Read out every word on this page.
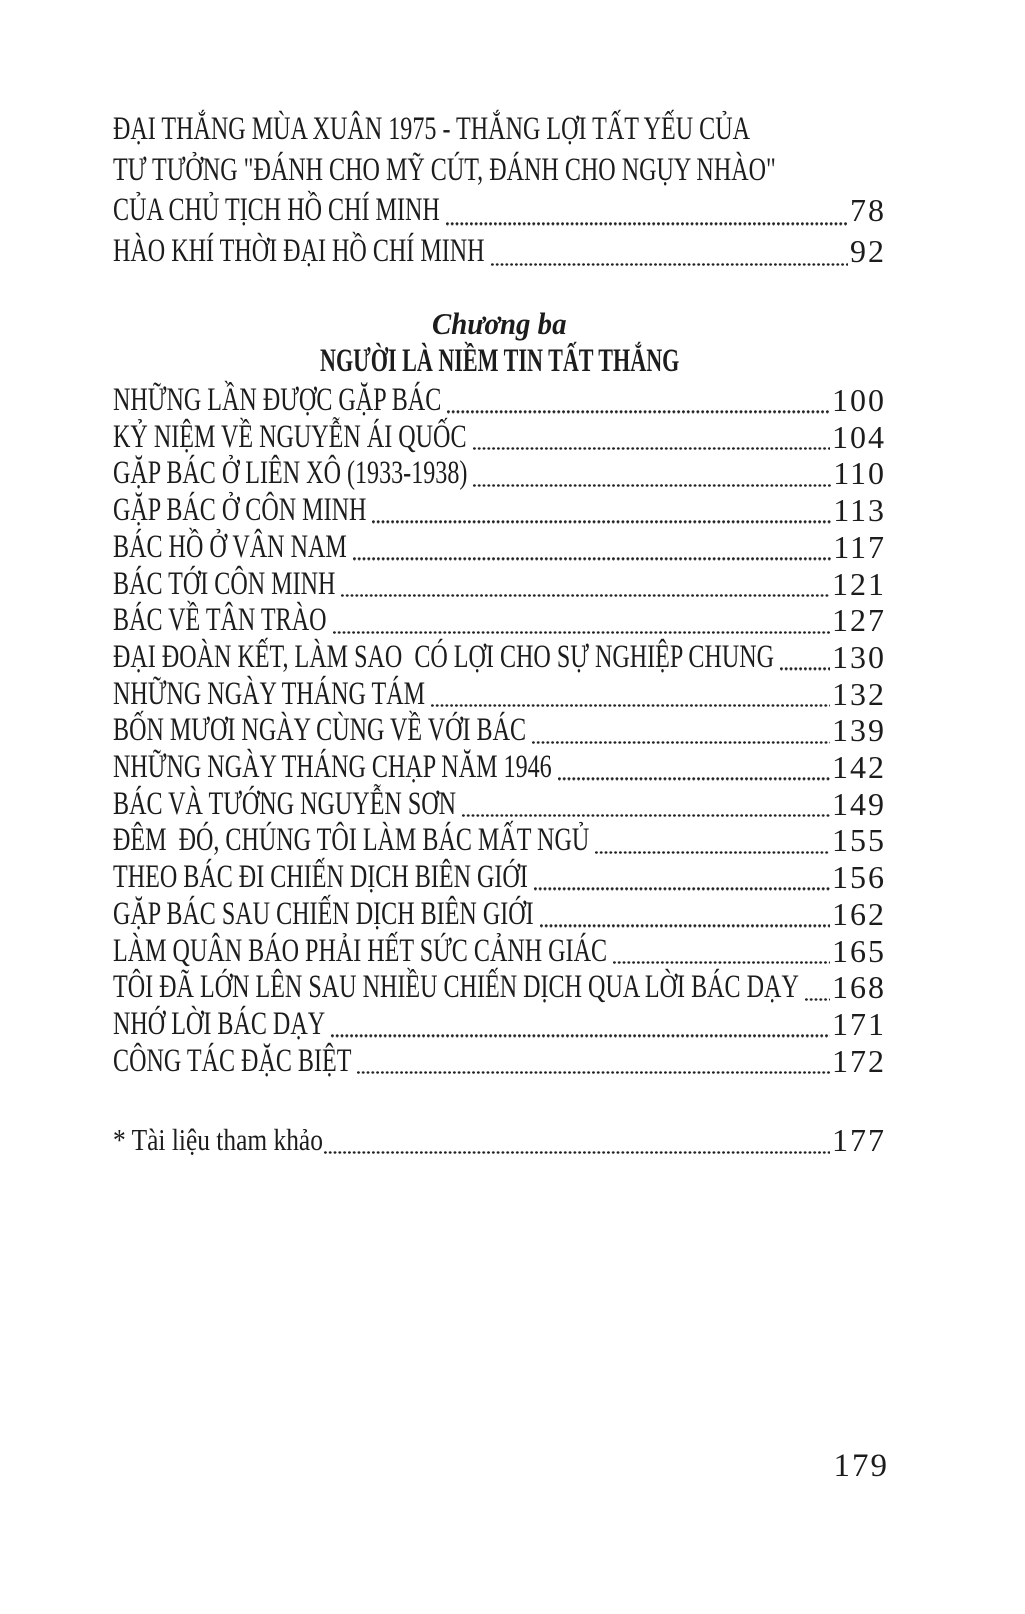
ĐẠI THẮNG MÙA XUÂN 1975 - THẮNG LỢI TẤT YẾU CỦA
TƯ TƯỞNG "ĐÁNH CHO MỸ CÚT, ĐÁNH CHO NGỤY NHÀO"
CỦA CHỦ TỊCH HỒ CHÍ MINH	78
HÀO KHÍ THỜI ĐẠI HỒ CHÍ MINH	92
Chương ba
NGƯỜI LÀ NIỀM TIN TẤT THẮNG
NHỮNG LẦN ĐƯỢC GẶP BÁC	100
KỶ NIỆM VỀ NGUYỄN ÁI QUỐC	104
GẶP BÁC Ở LIÊN XÔ (1933-1938)	110
GẶP BÁC Ở CÔN MINH	113
BÁC HỒ Ở VÂN NAM	117
BÁC TỚI CÔN MINH	121
BÁC VỀ TÂN TRÀO	127
ĐẠI ĐOÀN KẾT, LÀM SAO  CÓ LỢI CHO SỰ NGHIỆP CHUNG 130
NHỮNG NGÀY THÁNG TÁM	132
BỐN MƯƠI NGÀY CÙNG VỀ VỚI BÁC	139
NHỮNG NGÀY THÁNG CHẠP NĂM 1946	142
BÁC VÀ TƯỚNG NGUYỄN SƠN	149
ĐÊM  ĐÓ, CHÚNG TÔI LÀM BÁC MẤT NGỦ	155
THEO BÁC ĐI CHIẾN DỊCH BIÊN GIỚI	156
GẶP BÁC SAU CHIẾN DỊCH BIÊN GIỚI	162
LÀM QUÂN BÁO PHẢI HẾT SỨC CẢNH GIÁC	165
TÔI ĐÃ LỚN LÊN SAU NHIỀU CHIẾN DỊCH QUA LỜI BÁC DẠY 168
NHỚ LỜI BÁC DẠY	171
CÔNG TÁC ĐẶC BIỆT	172
* Tài liệu tham khảo	177
179
